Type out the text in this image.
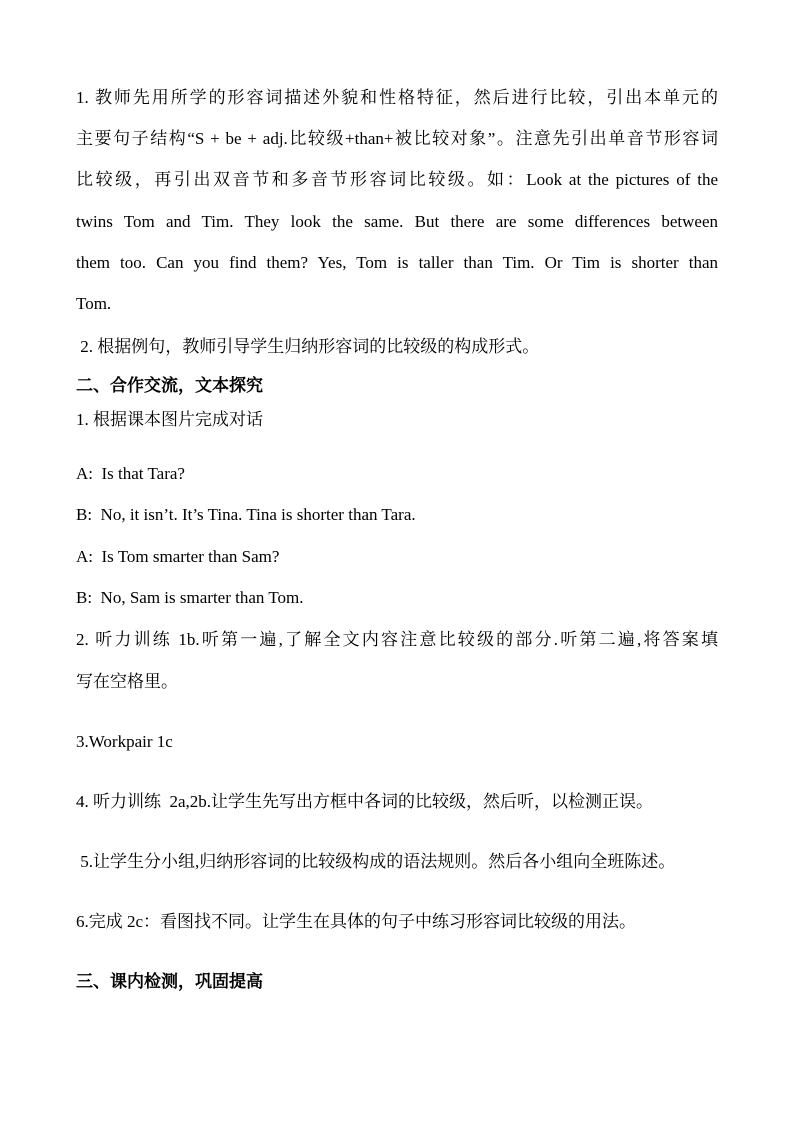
1. 教师先用所学的形容词描述外貌和性格特征，然后进行比较，引出本单元的
主要句子结构“S + be + adj.比较级+than+被比较对象”。注意先引出单音节形容词
比较级，再引出双音节和多音节形容词比较级。如：Look at the pictures of the
twins Tom and Tim. They look the same. But there are some differences between
them too. Can you find them? Yes, Tom is taller than Tim. Or Tim is shorter than
Tom.
2. 根据例句，教师引导学生归纳形容词的比较级的构成形式。
二、合作交流，文本探究
1. 根据课本图片完成对话
A:  Is that Tara?
B:  No, it isn’t. It’s Tina. Tina is shorter than Tara.
A:  Is Tom smarter than Sam?
B:  No, Sam is smarter than Tom.
2. 听力训练 1b.听第一遍,了解全文内容注意比较级的部分.听第二遍,将答案填
写在空格里。
3.Workpair 1c
4. 听力训练  2a,2b.让学生先写出方框中各词的比较级，然后听，以检测正误。
5.让学生分小组,归纳形容词的比较级构成的语法规则。然后各小组向全班陈述。
6.完成 2c：看图找不同。让学生在具体的句子中练习形容词比较级的用法。
三、课内检测，巩固提高
